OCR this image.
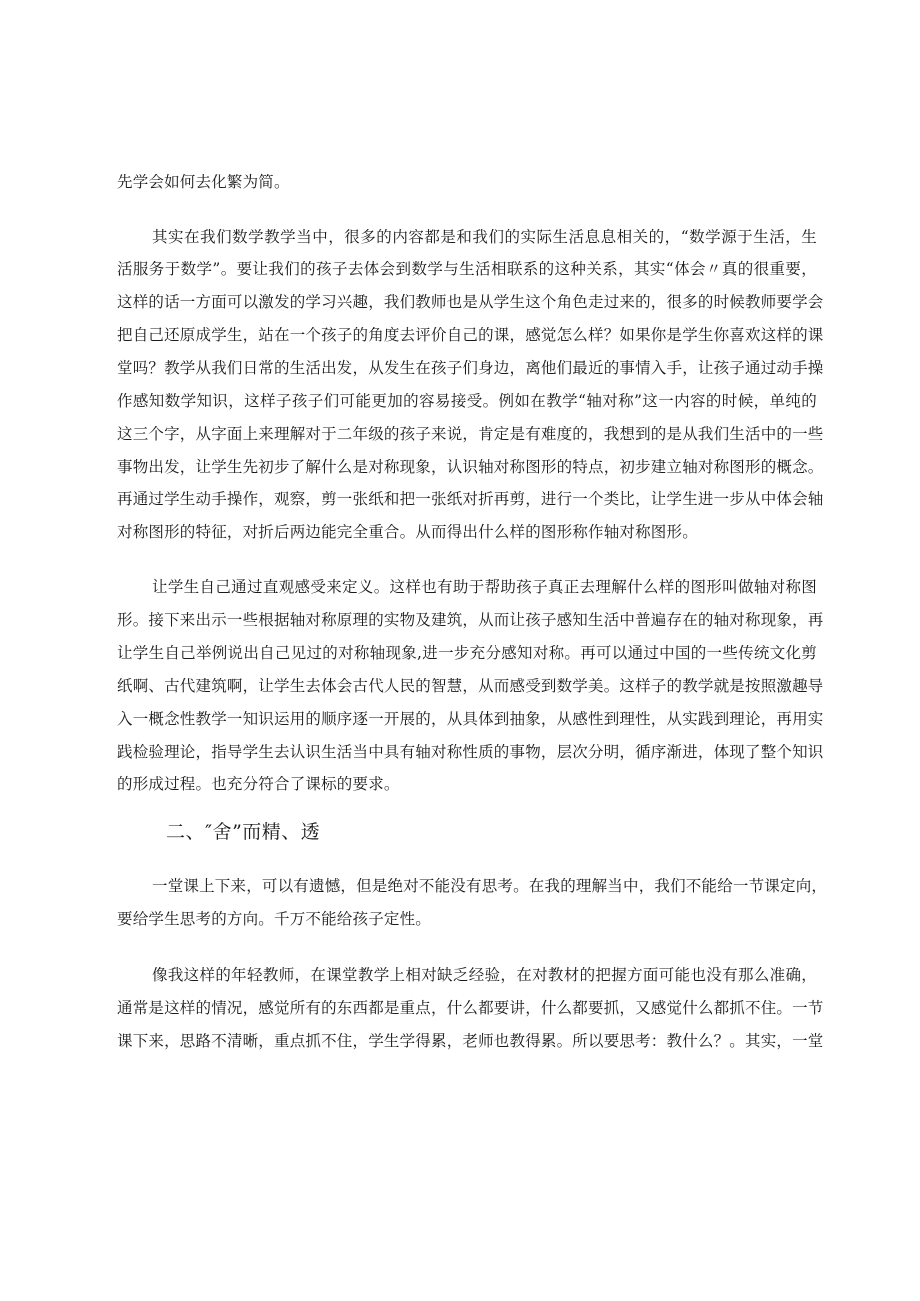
先学会如何去化繁为简。
其实在我们数学教学当中，很多的内容都是和我们的实际生活息息相关的，“数学源于生活，生
活服务于数学”。要让我们的孩子去体会到数学与生活相联系的这种关系，其实“体会〃真的很重要，
这样的话一方面可以激发的学习兴趣，我们教师也是从学生这个角色走过来的，很多的时候教师要学会
把自己还原成学生，站在一个孩子的角度去评价自己的课，感觉怎么样？如果你是学生你喜欢这样的课
堂吗？教学从我们日常的生活出发，从发生在孩子们身边，离他们最近的事情入手，让孩子通过动手操
作感知数学知识，这样子孩子们可能更加的容易接受。例如在教学“轴对称”这一内容的时候，单纯的
这三个字，从字面上来理解对于二年级的孩子来说，肯定是有难度的，我想到的是从我们生活中的一些
事物出发，让学生先初步了解什么是对称现象，认识轴对称图形的特点，初步建立轴对称图形的概念。
再通过学生动手操作，观察，剪一张纸和把一张纸对折再剪，进行一个类比，让学生进一步从中体会轴
对称图形的特征，对折后两边能完全重合。从而得出什么样的图形称作轴对称图形。
让学生自己通过直观感受来定义。这样也有助于帮助孩子真正去理解什么样的图形叫做轴对称图
形。接下来出示一些根据轴对称原理的实物及建筑，从而让孩子感知生活中普遍存在的轴对称现象，再
让学生自己举例说出自己见过的对称轴现象,进一步充分感知对称。再可以通过中国的一些传统文化剪
纸啊、古代建筑啊，让学生去体会古代人民的智慧，从而感受到数学美。这样子的教学就是按照激趣导
入一概念性教学一知识运用的顺序逐一开展的，从具体到抽象，从感性到理性，从实践到理论，再用实
践检验理论，指导学生去认识生活当中具有轴对称性质的事物，层次分明，循序渐进，体现了整个知识
的形成过程。也充分符合了课标的要求。
二、″舍”而精、透
一堂课上下来，可以有遗憾，但是绝对不能没有思考。在我的理解当中，我们不能给一节课定向，
要给学生思考的方向。千万不能给孩子定性。
像我这样的年轻教师，在课堂教学上相对缺乏经验，在对教材的把握方面可能也没有那么准确，
通常是这样的情况，感觉所有的东西都是重点，什么都要讲，什么都要抓，又感觉什么都抓不住。一节
课下来，思路不清晰，重点抓不住，学生学得累，老师也教得累。所以要思考：教什么？。其实，一堂
